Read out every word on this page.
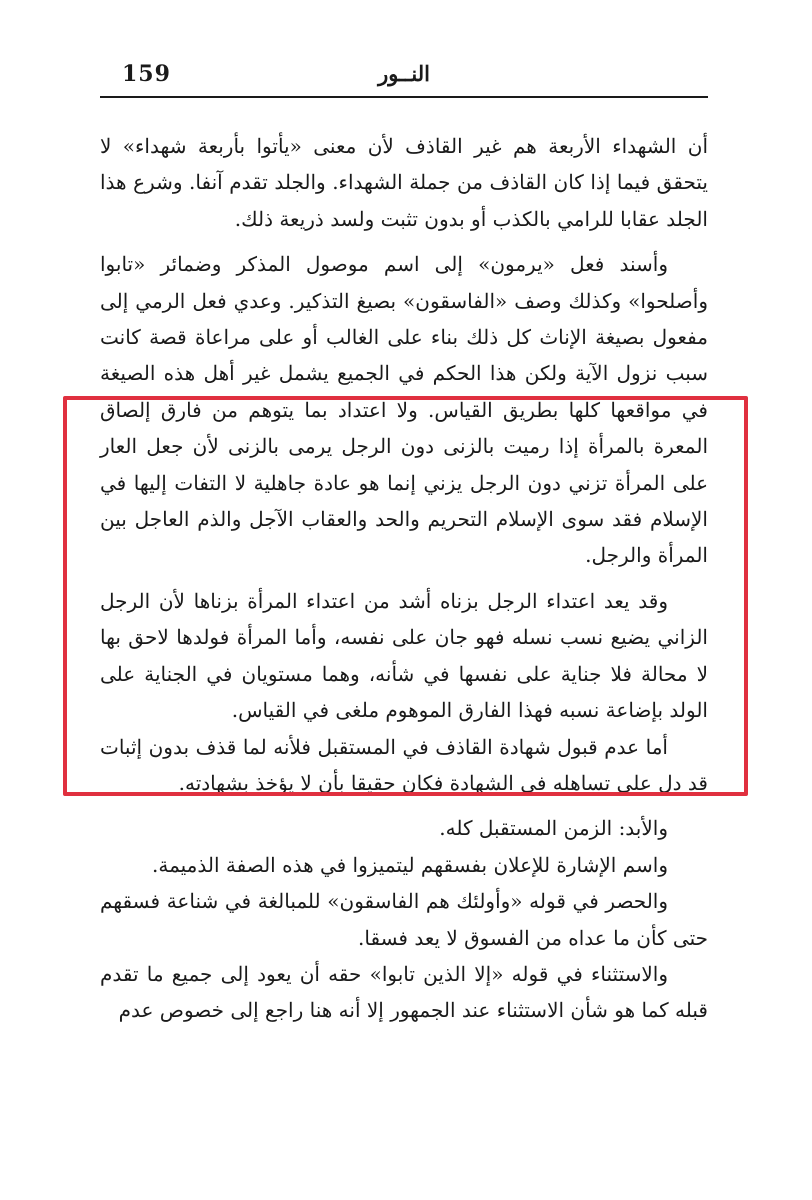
159	النــور

أن الشهداء الأربعة هم غير القاذف لأن معنى «يأتوا بأربعة شهداء» لا يتحقق فيما إذا كان القاذف من جملة الشهداء. والجلد تقدم آنفا. وشرع هذا الجلد عقابا للرامي بالكذب أو بدون تثبت ولسد ذريعة ذلك.

وأسند فعل «يرمون» إلى اسم موصول المذكر وضمائر «تابوا وأصلحوا» وكذلك وصف «الفاسقون» بصيغ التذكير. وعدي فعل الرمي إلى مفعول بصيغة الإناث كل ذلك بناء على الغالب أو على مراعاة قصة كانت سبب نزول الآية ولكن هذا الحكم في الجميع يشمل غير أهل هذه الصيغة في مواقعها كلها بطريق القياس. ولا اعتداد بما يتوهم من فارق إلصاق المعرة بالمرأة إذا رميت بالزنى دون الرجل يرمى بالزنى لأن جعل العار على المرأة تزني دون الرجل يزني إنما هو عادة جاهلية لا التفات إليها في الإسلام فقد سوى الإسلام التحريم والحد والعقاب الآجل والذم العاجل بين المرأة والرجل.

وقد يعد اعتداء الرجل بزناه أشد من اعتداء المرأة بزناها لأن الرجل الزاني يضيع نسب نسله فهو جان على نفسه، وأما المرأة فولدها لاحق بها لا محالة فلا جناية على نفسها في شأنه، وهما مستويان في الجناية على الولد بإضاعة نسبه فهذا الفارق الموهوم ملغى في القياس.

أما عدم قبول شهادة القاذف في المستقبل فلأنه لما قذف بدون إثبات قد دل على تساهله في الشهادة فكان حقيقا بأن لا يؤخذ بشهادته.

والأبد: الزمن المستقبل كله.

واسم الإشارة للإعلان بفسقهم ليتميزوا في هذه الصفة الذميمة.

والحصر في قوله «وأولئك هم الفاسقون» للمبالغة في شناعة فسقهم حتى كأن ما عداه من الفسوق لا يعد فسقا.

والاستثناء في قوله «إلا الذين تابوا» حقه أن يعود إلى جميع ما تقدم قبله كما هو شأن الاستثناء عند الجمهور إلا أنه هنا راجع إلى خصوص عدم
